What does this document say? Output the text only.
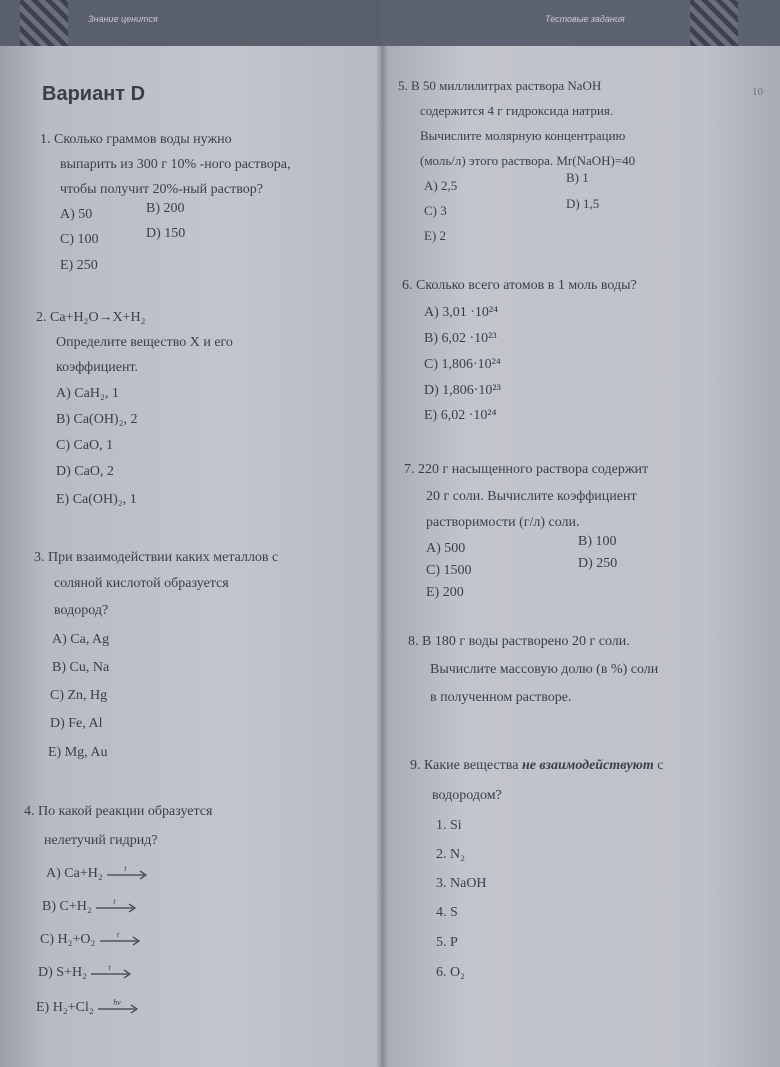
Знание ценится	Тестовые задания
10
Вариант D
1. Сколько граммов воды нужно
выпарить из 300 г 10% -ного раствора,
чтобы получит 20%-ный раствор?
A) 50	B) 200
C) 100	D) 150
E) 250
2. Ca+H₂O→X+H₂
Определите вещество X и его
коэффициент.
A) CaH₂, 1
B) Ca(OH)₂, 2
C) CaO, 1
D) CaO, 2
E) Ca(OH)₂, 1
3. При взаимодействии каких металлов с
соляной кислотой образуется
водород?
A) Ca, Ag
B) Cu, Na
C) Zn, Hg
D) Fe, Al
E) Mg, Au
4. По какой реакции образуется
нелетучий гидрид?
A) Ca+H₂	t
B) C+H₂	t
C) H₂+O₂	t
D) S+H₂	t
E) H₂+Cl₂ hv
5. В 50 миллилитрах раствора NaOH
содержится 4 г гидроксида натрия.
Вычислите молярную концентрацию
(моль/л) этого раствора. Mr(NaOH)=40
A) 2,5
B) 1
C) 3	D) 1,5
E) 2
6. Сколько всего атомов в 1 моль воды?
A) 3,01 ·10²⁴
B) 6,02 ·10²³
C) 1,806·10²⁴
D) 1,806·10²³
E) 6,02 ·10²⁴
7. 220 г насыщенного раствора содержит
20 г соли. Вычислите коэффициент
растворимости (г/л) соли.
A) 500	B) 100
C) 1500	D) 250
E) 200
8. В 180 г воды растворено 20 г соли.
Вычислите массовую долю (в %) соли
в полученном растворе.
9. Какие вещества не взаимодействуют с
водородом?
1. Si
2. N₂
3. NaOH
4. S
5. P
6. O₂
